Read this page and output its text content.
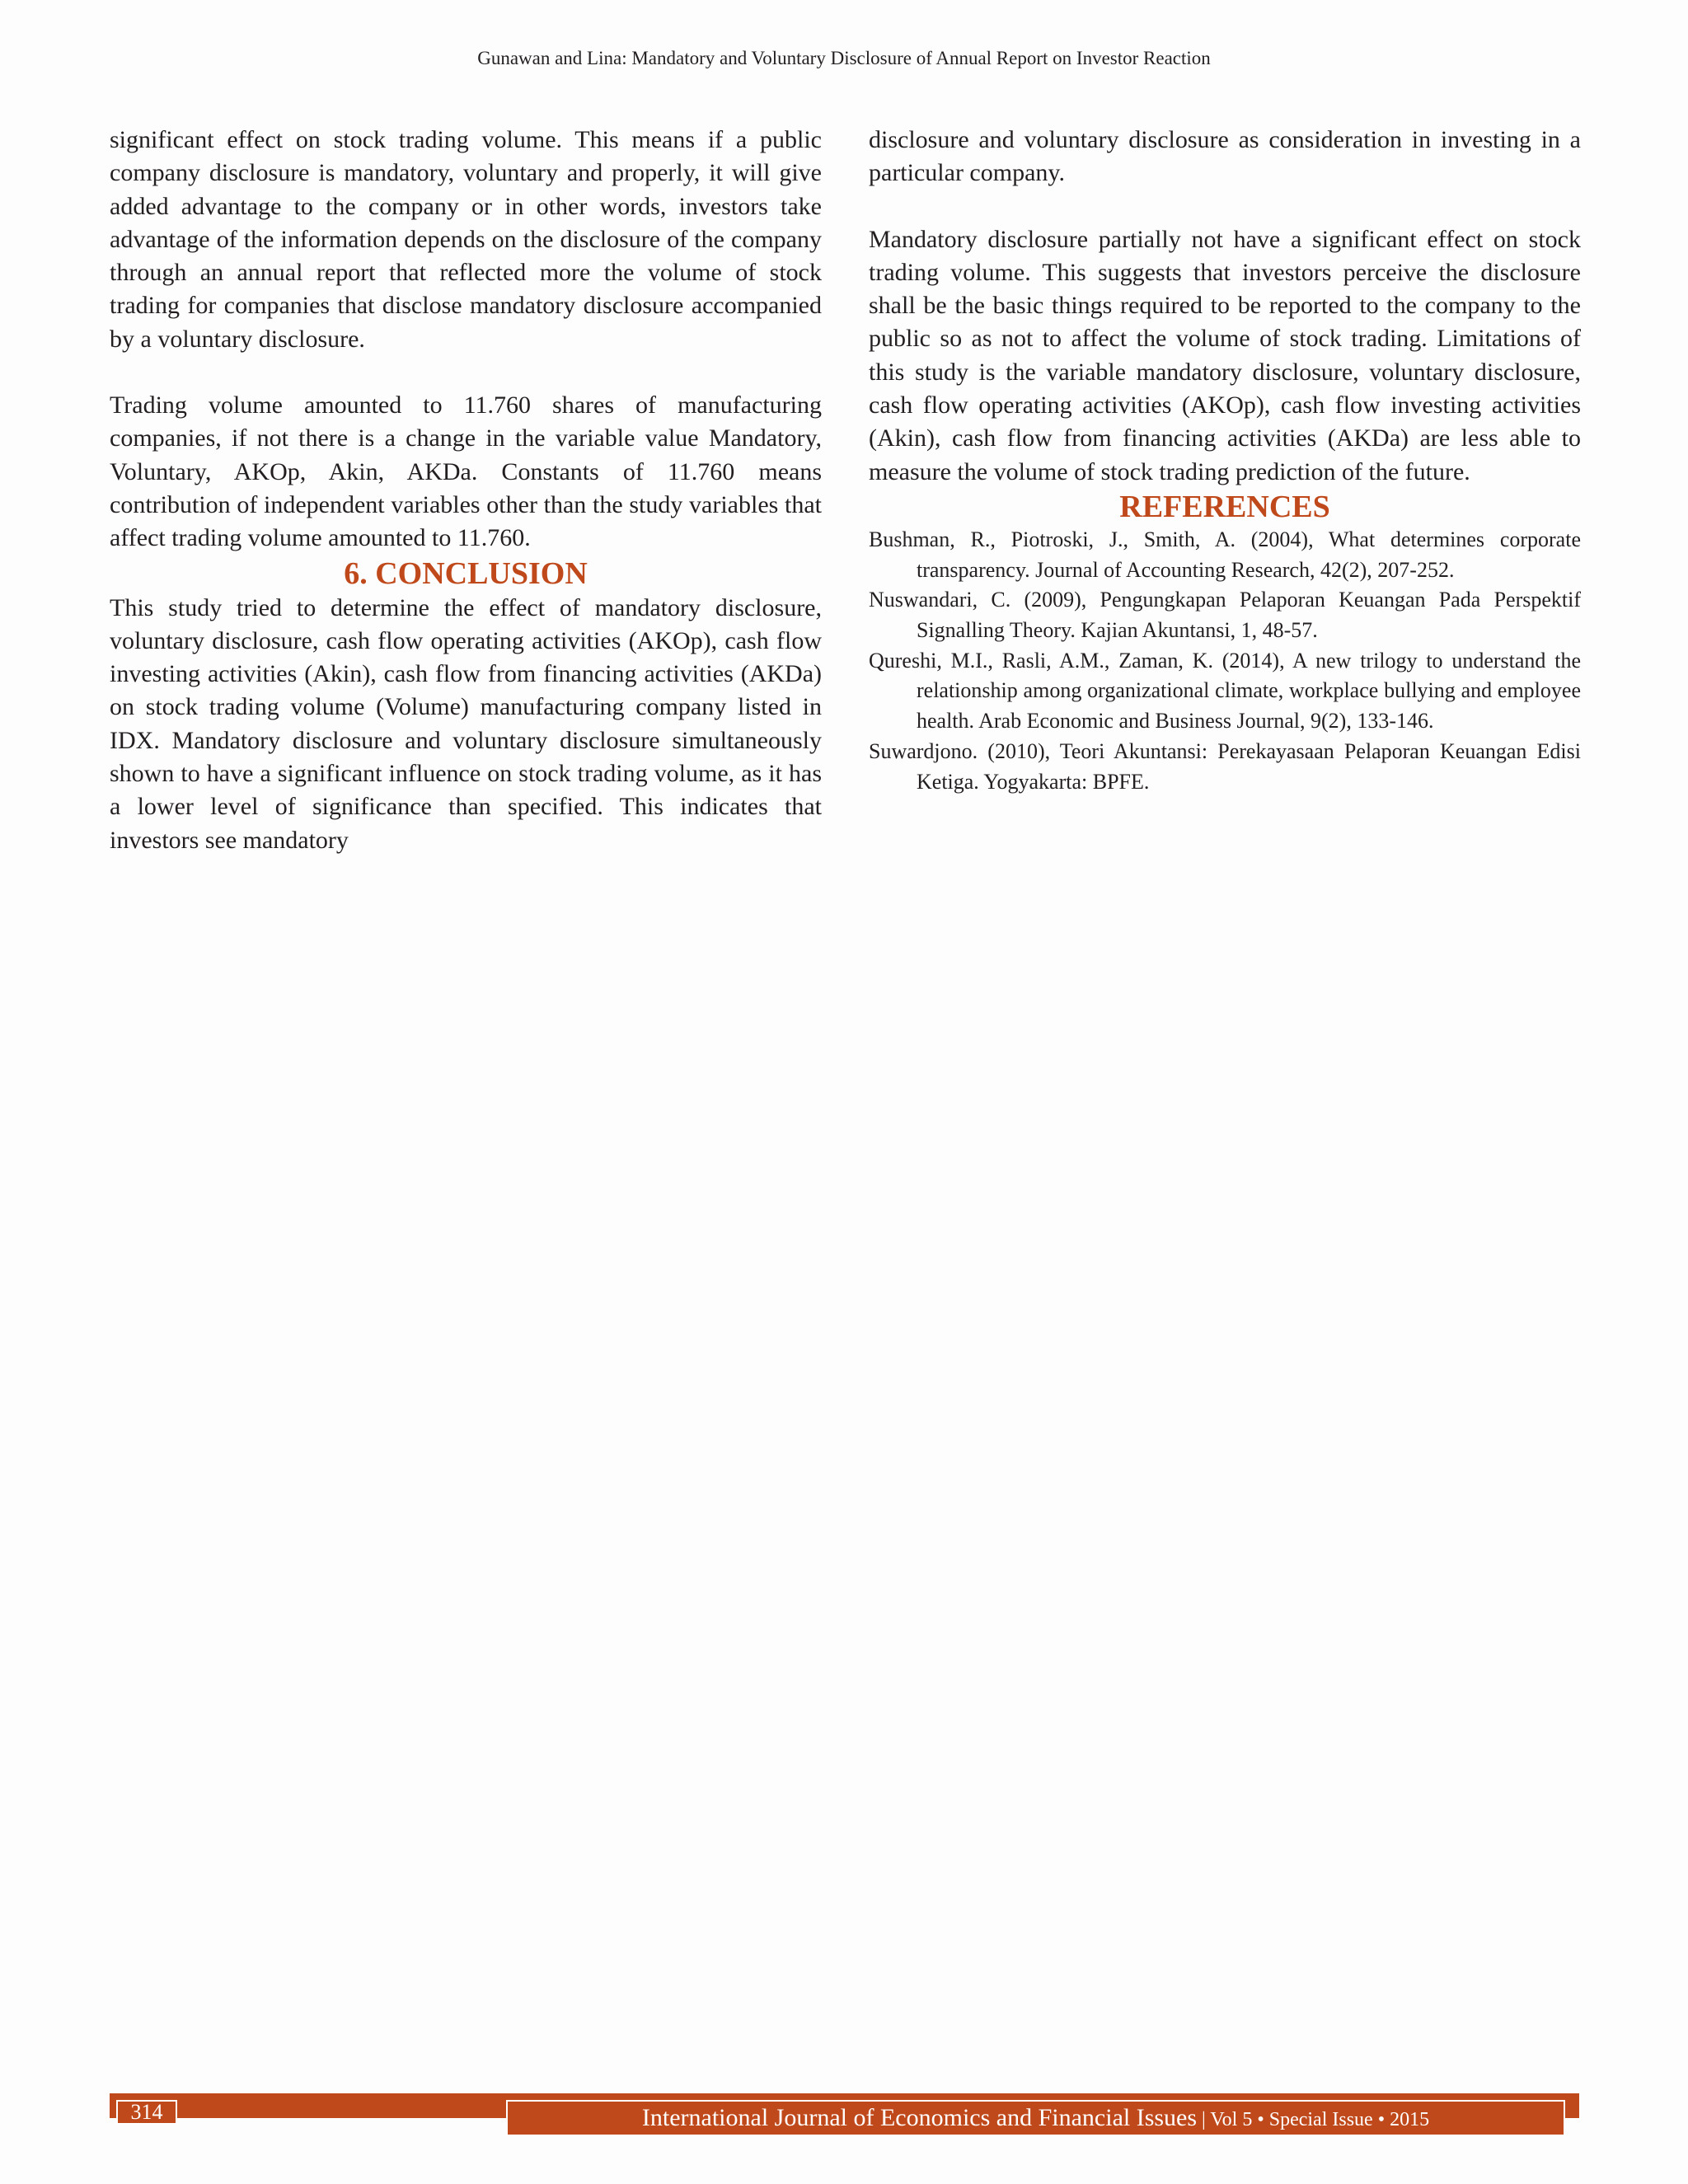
Gunawan and Lina: Mandatory and Voluntary Disclosure of Annual Report on Investor Reaction

significant effect on stock trading volume. This means if a public company disclosure is mandatory, voluntary and properly, it will give added advantage to the company or in other words, investors take advantage of the information depends on the disclosure of the company through an annual report that reflected more the volume of stock trading for companies that disclose mandatory disclosure accompanied by a voluntary disclosure.

Trading volume amounted to 11.760 shares of manufacturing companies, if not there is a change in the variable value Mandatory, Voluntary, AKOp, Akin, AKDa. Constants of 11.760 means contribution of independent variables other than the study variables that affect trading volume amounted to 11.760.

6. CONCLUSION

This study tried to determine the effect of mandatory disclosure, voluntary disclosure, cash flow operating activities (AKOp), cash flow investing activities (Akin), cash flow from financing activities (AKDa) on stock trading volume (Volume) manufacturing company listed in IDX. Mandatory disclosure and voluntary disclosure simultaneously shown to have a significant influence on stock trading volume, as it has a lower level of significance than specified. This indicates that investors see mandatory

disclosure and voluntary disclosure as consideration in investing in a particular company.

Mandatory disclosure partially not have a significant effect on stock trading volume. This suggests that investors perceive the disclosure shall be the basic things required to be reported to the company to the public so as not to affect the volume of stock trading. Limitations of this study is the variable mandatory disclosure, voluntary disclosure, cash flow operating activities (AKOp), cash flow investing activities (Akin), cash flow from financing activities (AKDa) are less able to measure the volume of stock trading prediction of the future.

REFERENCES
Bushman, R., Piotroski, J., Smith, A. (2004), What determines corporate transparency. Journal of Accounting Research, 42(2), 207-252.
Nuswandari, C. (2009), Pengungkapan Pelaporan Keuangan Pada Perspektif Signalling Theory. Kajian Akuntansi, 1, 48-57.
Qureshi, M.I., Rasli, A.M., Zaman, K. (2014), A new trilogy to understand the relationship among organizational climate, workplace bullying and employee health. Arab Economic and Business Journal, 9(2), 133-146.
Suwardjono. (2010), Teori Akuntansi: Perekayasaan Pelaporan Keuangan Edisi Ketiga. Yogyakarta: BPFE.
314	International Journal of Economics and Financial Issues | Vol 5 • Special Issue • 2015
